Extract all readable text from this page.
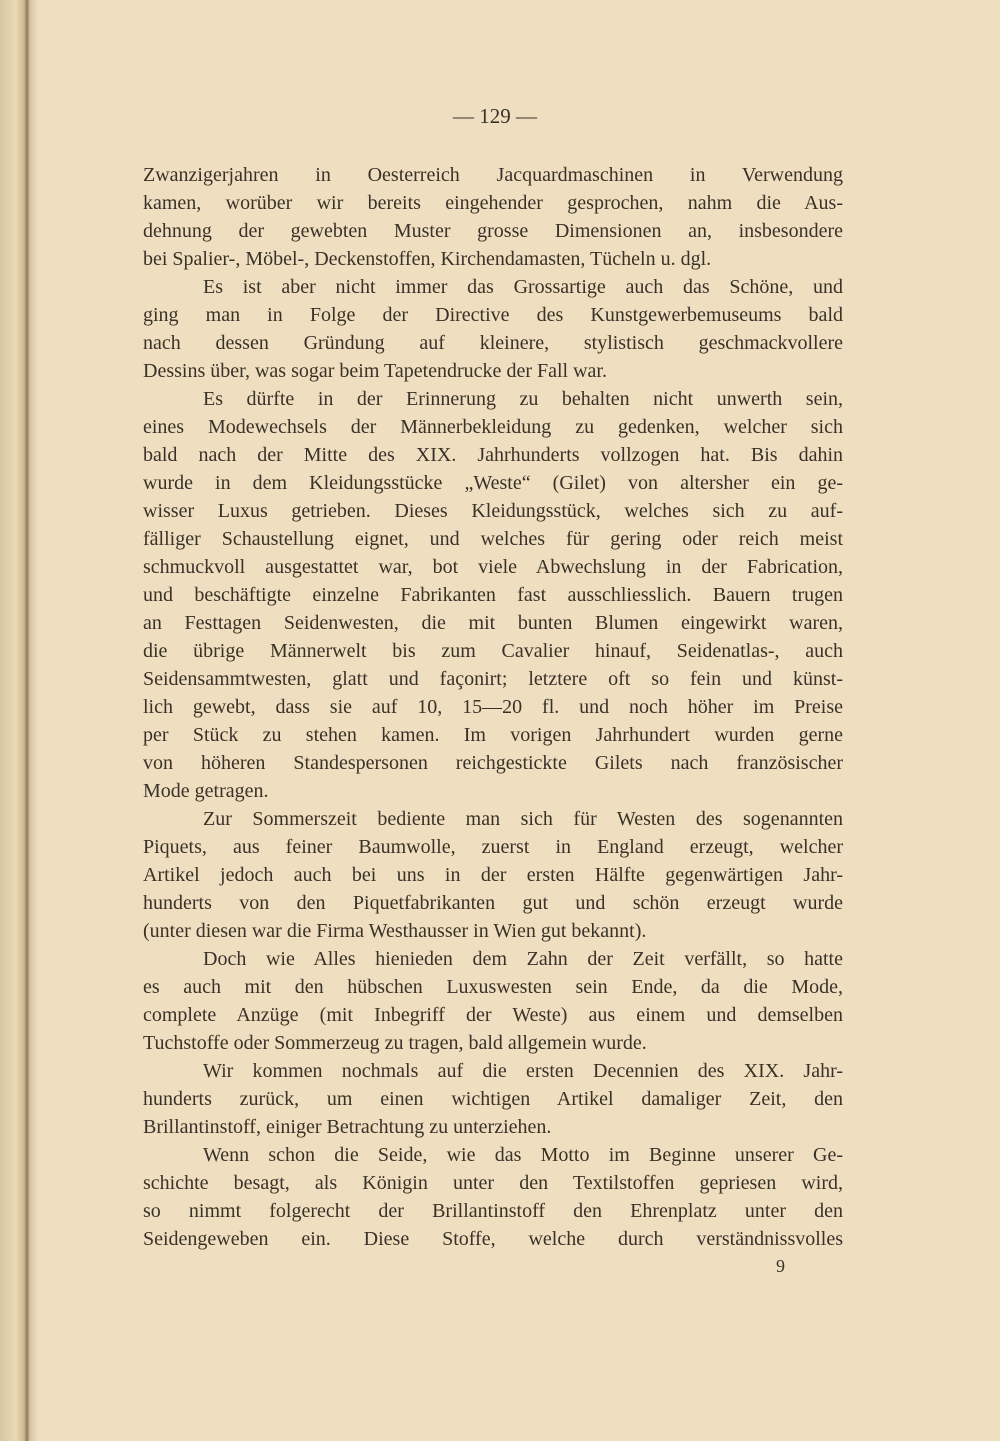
— 129 —
Zwanzigerjahren in Oesterreich Jacquardmaschinen in Verwendung
kamen, worüber wir bereits eingehender gesprochen, nahm die Aus-
dehnung der gewebten Muster grosse Dimensionen an, insbesondere
bei Spalier-, Möbel-, Deckenstoffen, Kirchendamasten, Tücheln u. dgl.
Es ist aber nicht immer das Grossartige auch das Schöne, und
ging man in Folge der Directive des Kunstgewerbemuseums bald
nach dessen Gründung auf kleinere, stylistisch geschmackvollere
Dessins über, was sogar beim Tapetendrucke der Fall war.
Es dürfte in der Erinnerung zu behalten nicht unwerth sein,
eines Modewechsels der Männerbekleidung zu gedenken, welcher sich
bald nach der Mitte des XIX. Jahrhunderts vollzogen hat. Bis dahin
wurde in dem Kleidungsstücke „Weste“ (Gilet) von altersher ein ge-
wisser Luxus getrieben. Dieses Kleidungsstück, welches sich zu auf-
fälliger Schaustellung eignet, und welches für gering oder reich meist
schmuckvoll ausgestattet war, bot viele Abwechslung in der Fabrication,
und beschäftigte einzelne Fabrikanten fast ausschliesslich. Bauern trugen
an Festtagen Seidenwesten, die mit bunten Blumen eingewirkt waren,
die übrige Männerwelt bis zum Cavalier hinauf, Seidenatlas-, auch
Seidensammtwesten, glatt und façonirt; letztere oft so fein und künst-
lich gewebt, dass sie auf 10, 15—20 fl. und noch höher im Preise
per Stück zu stehen kamen. Im vorigen Jahrhundert wurden gerne
von höheren Standespersonen reichgestickte Gilets nach französischer
Mode getragen.
Zur Sommerszeit bediente man sich für Westen des sogenannten
Piquets, aus feiner Baumwolle, zuerst in England erzeugt, welcher
Artikel jedoch auch bei uns in der ersten Hälfte gegenwärtigen Jahr-
hunderts von den Piquetfabrikanten gut und schön erzeugt wurde
(unter diesen war die Firma Westhausser in Wien gut bekannt).
Doch wie Alles hienieden dem Zahn der Zeit verfällt, so hatte
es auch mit den hübschen Luxuswesten sein Ende, da die Mode,
complete Anzüge (mit Inbegriff der Weste) aus einem und demselben
Tuchstoffe oder Sommerzeug zu tragen, bald allgemein wurde.
Wir kommen nochmals auf die ersten Decennien des XIX. Jahr-
hunderts zurück, um einen wichtigen Artikel damaliger Zeit, den
Brillantinstoff, einiger Betrachtung zu unterziehen.
Wenn schon die Seide, wie das Motto im Beginne unserer Ge-
schichte besagt, als Königin unter den Textilstoffen gepriesen wird,
so nimmt folgerecht der Brillantinstoff den Ehrenplatz unter den
Seidengeweben ein. Diese Stoffe, welche durch verständnissvolles
9
